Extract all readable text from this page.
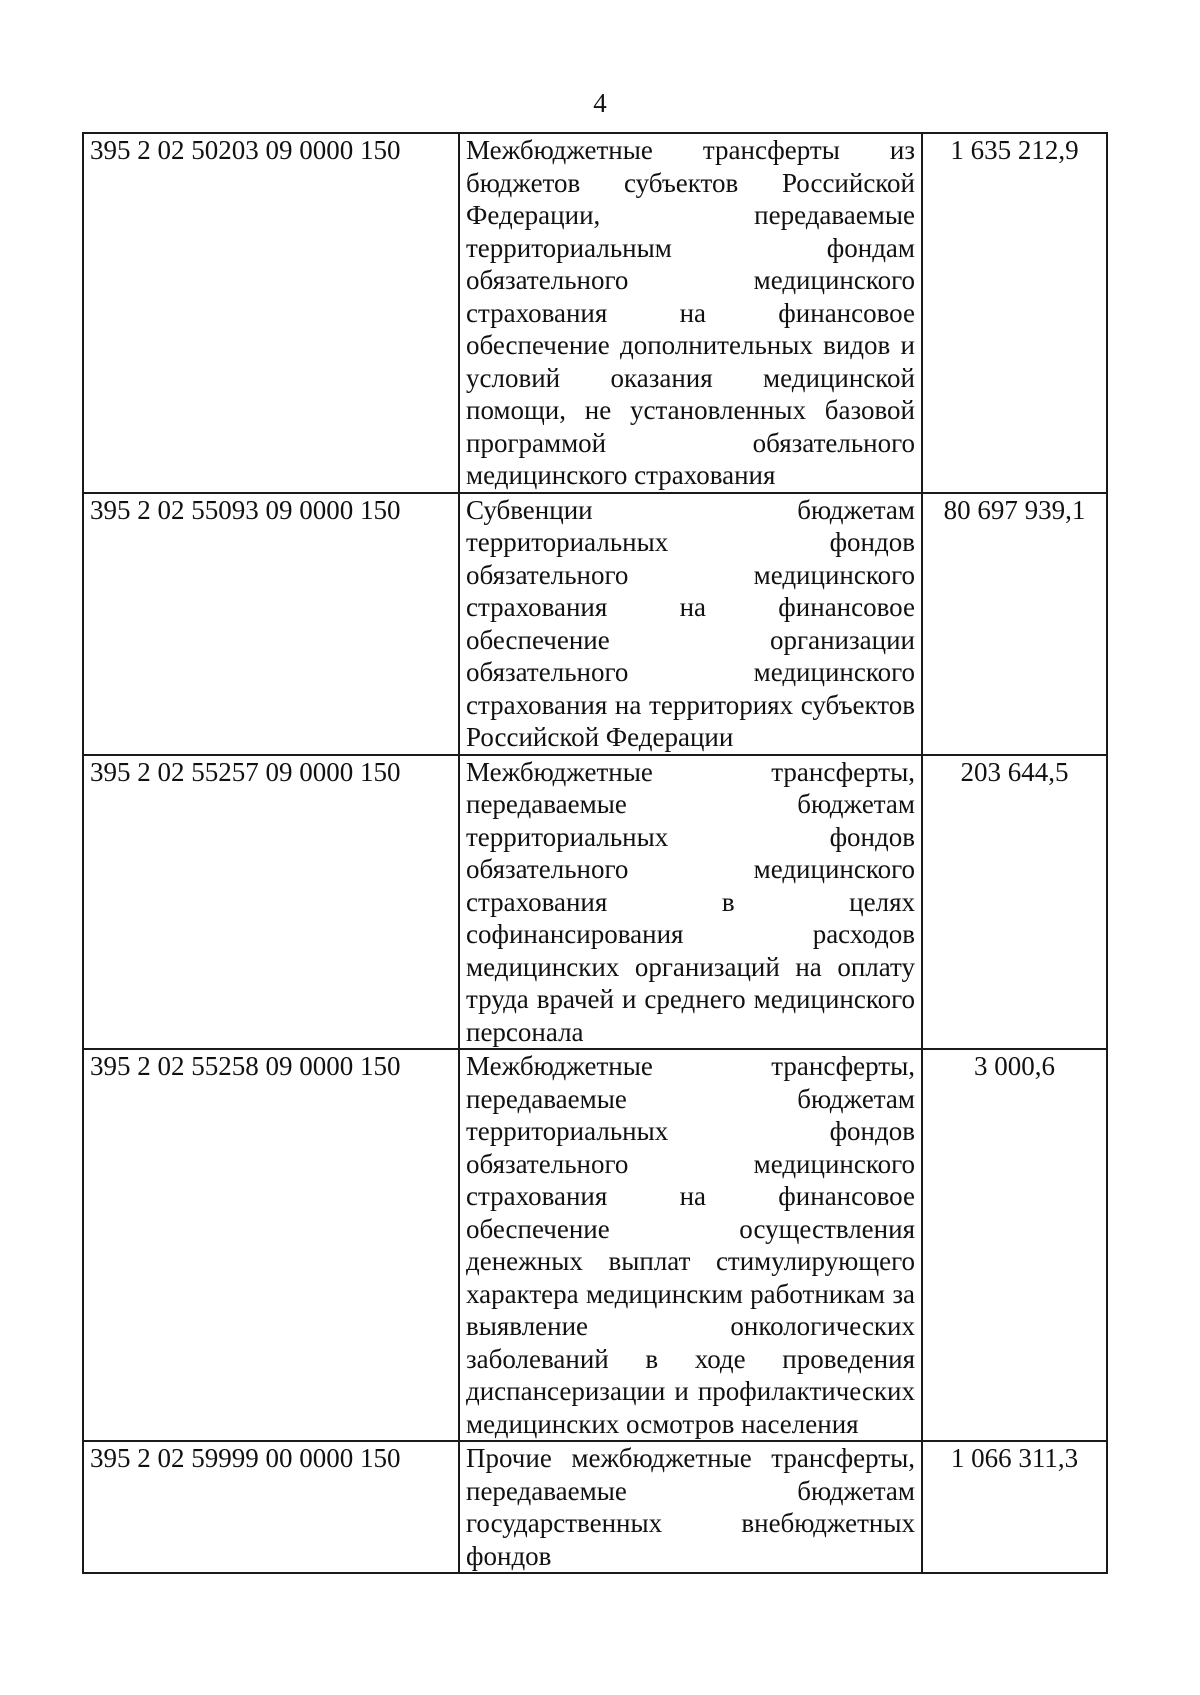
4
395 2 02 50203 09 0000 150	Межбюджетные трансферты из бюджетов субъектов Российской Федерации, передаваемые территориальным фондам обязательного медицинского страхования на финансовое обеспечение дополнительных видов и условий оказания медицинской помощи, не установленных базовой программой обязательного медицинского страхования	1 635 212,9
395 2 02 55093 09 0000 150	Субвенции бюджетам территориальных фондов обязательного медицинского страхования на финансовое обеспечение организации обязательного медицинского страхования на территориях субъектов Российской Федерации	80 697 939,1
395 2 02 55257 09 0000 150	Межбюджетные трансферты, передаваемые бюджетам территориальных фондов обязательного медицинского страхования в целях софинансирования расходов медицинских организаций на оплату труда врачей и среднего медицинского персонала	203 644,5
395 2 02 55258 09 0000 150	Межбюджетные трансферты, передаваемые бюджетам территориальных фондов обязательного медицинского страхования на финансовое обеспечение осуществления денежных выплат стимулирующего характера медицинским работникам за выявление онкологических заболеваний в ходе проведения диспансеризации и профилактических медицинских осмотров населения	3 000,6
395 2 02 59999 00 0000 150	Прочие межбюджетные трансферты, передаваемые бюджетам государственных внебюджетных фондов	1 066 311,3
